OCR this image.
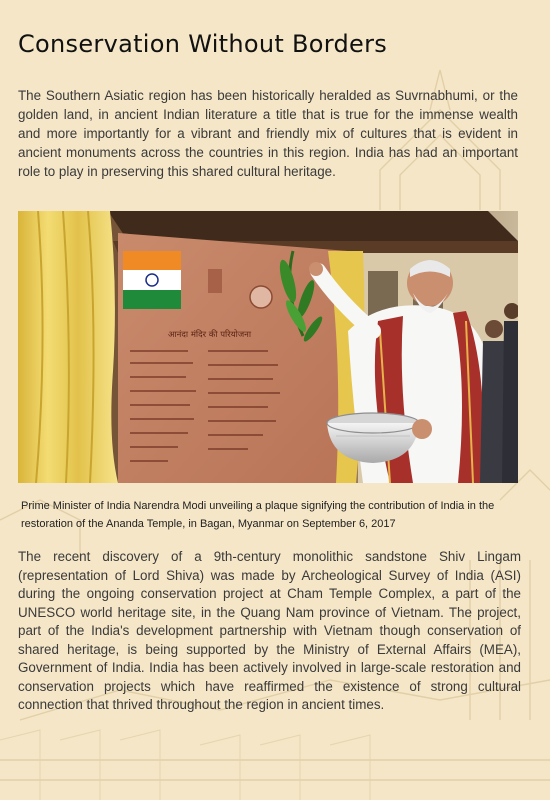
Conservation Without Borders

The Southern Asiatic region has been historically heralded as Suvrnabhumi, or the golden land, in ancient Indian literature a title that is true for the immense wealth and more importantly for a vibrant and friendly mix of cultures that is evident in ancient monuments across the countries in this region. India has had an important role to play in preserving this shared cultural heritage.

आनंदा मंदिर की परियोजना

Prime Minister of India Narendra Modi unveiling a plaque signifying the contribution of India in the restoration of the Ananda Temple, in Bagan, Myanmar on September 6, 2017

The recent discovery of a 9th-century monolithic sandstone Shiv Lingam (representation of Lord Shiva) was made by Archeological Survey of India (ASI) during the ongoing conservation project at Cham Temple Complex, a part of the UNESCO world heritage site, in the Quang Nam province of Vietnam. The project, part of the India's development partnership with Vietnam though conservation of shared heritage, is being supported by the Ministry of External Affairs (MEA), Government of India. India has been actively involved in large-scale restoration and conservation projects which have reaffirmed the existence of strong cultural connection that thrived throughout the region in ancient times.
